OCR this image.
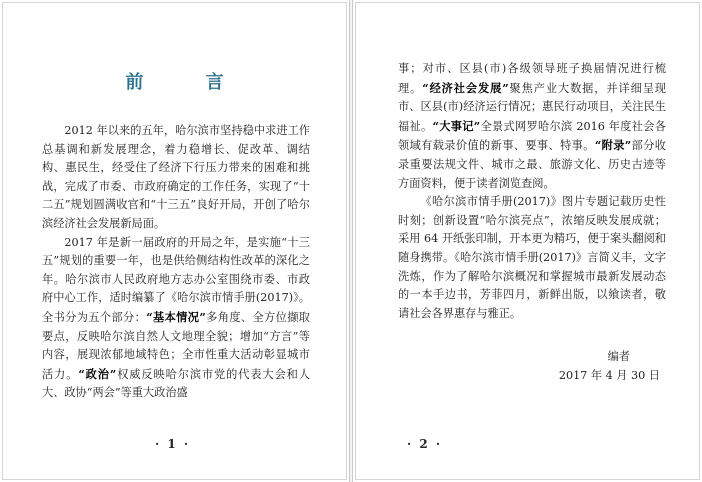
前 言

2012 年以来的五年，哈尔滨市坚持稳中求进工作总基调和新发展理念，着力稳增长、促改革、调结构、惠民生，经受住了经济下行压力带来的困难和挑战，完成了市委、市政府确定的工作任务，实现了“十二五”规划圆满收官和“十三五”良好开局，开创了哈尔滨经济社会发展新局面。

2017 年是新一届政府的开局之年，是实施“十三五”规划的重要一年，也是供给侧结构性改革的深化之年。哈尔滨市人民政府地方志办公室围绕市委、市政府中心工作，适时编纂了《哈尔滨市情手册(2017)》。全书分为五个部分：“基本情况”多角度、全方位撷取要点，反映哈尔滨自然人文地理全貌；增加“方言”等内容，展现浓郁地域特色；全市性重大活动彰显城市活力。“政治”权威反映哈尔滨市党的代表大会和人大、政协“两会”等重大政治盛

· 1 ·	· 2 ·

事；对市、区县(市)各级领导班子换届情况进行梳理。“经济社会发展”聚焦产业大数据，并详细呈现市、区县(市)经济运行情况；惠民行动项目，关注民生福祉。“大事记”全景式网罗哈尔滨 2016 年度社会各领域有载录价值的新事、要事、特事。“附录”部分收录重要法规文件、城市之最、旅游文化、历史古迹等方面资料，便于读者浏览查阅。

《哈尔滨市情手册(2017)》图片专题记载历史性时刻；创新设置“哈尔滨亮点”，浓缩反映发展成就；采用 64 开纸张印制，开本更为精巧，便于案头翻阅和随身携带。《哈尔滨市情手册(2017)》言简义丰，文字洗炼，作为了解哈尔滨概况和掌握城市最新发展动态的一本手边书，芳菲四月，新鲜出版，以飨读者，敬请社会各界惠存与雅正。

编者
2017 年 4 月 30 日
